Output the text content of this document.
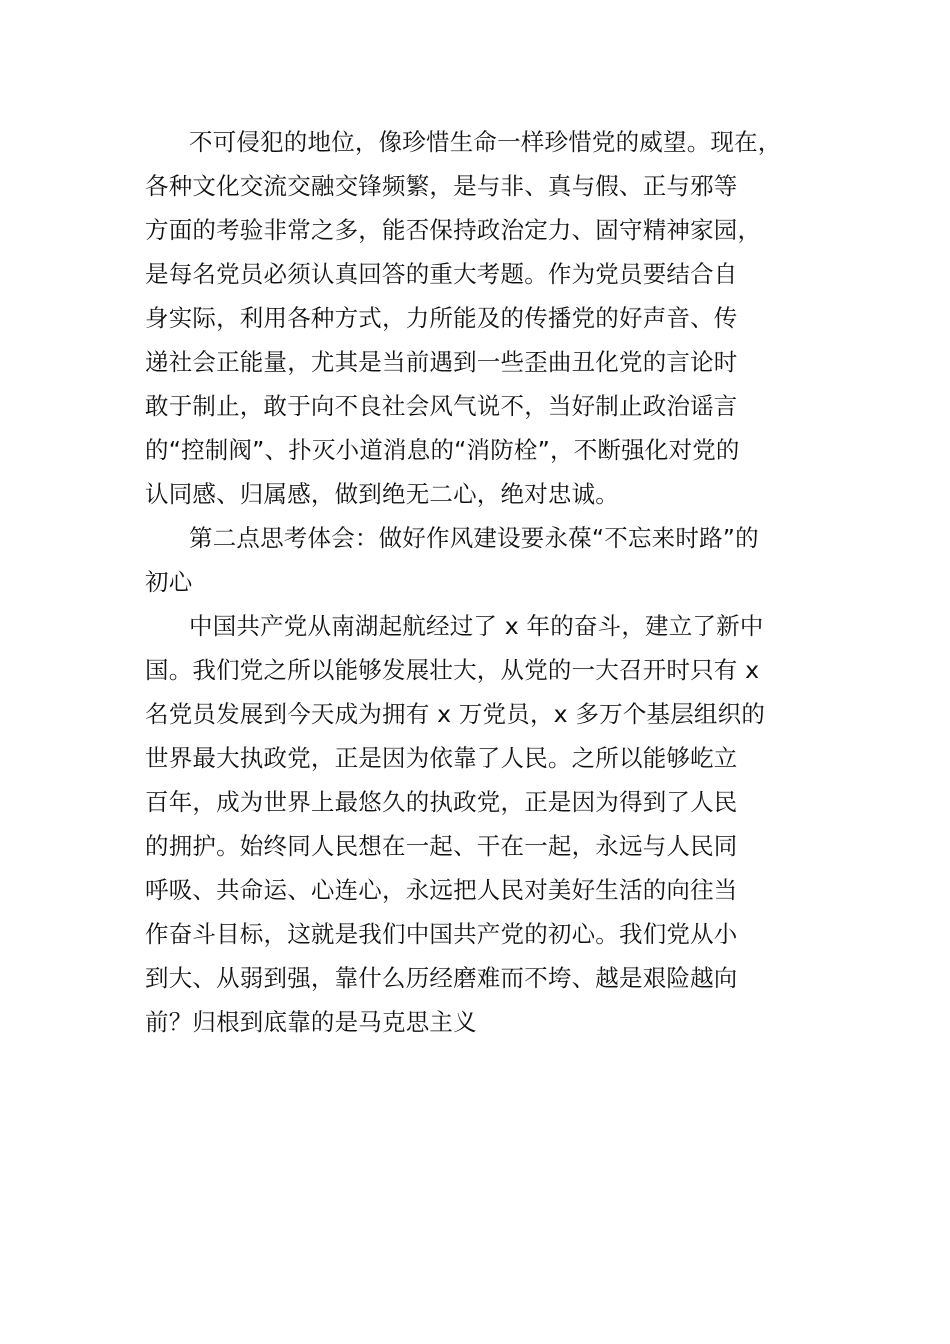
不可侵犯的地位，像珍惜生命一样珍惜党的威望。现在，
各种文化交流交融交锋频繁，是与非、真与假、正与邪等
方面的考验非常之多，能否保持政治定力、固守精神家园，
是每名党员必须认真回答的重大考题。作为党员要结合自
身实际，利用各种方式，力所能及的传播党的好声音、传
递社会正能量，尤其是当前遇到一些歪曲丑化党的言论时
敢于制止，敢于向不良社会风气说不，当好制止政治谣言
的“控制阀”、扑灭小道消息的“消防栓”，不断强化对党的
认同感、归属感，做到绝无二心，绝对忠诚。
第二点思考体会：做好作风建设要永葆“不忘来时路”的
初心
中国共产党从南湖起航经过了 x 年的奋斗，建立了新中
国。我们党之所以能够发展壮大，从党的一大召开时只有 x
名党员发展到今天成为拥有 x 万党员，x 多万个基层组织的
世界最大执政党，正是因为依靠了人民。之所以能够屹立
百年，成为世界上最悠久的执政党，正是因为得到了人民
的拥护。始终同人民想在一起、干在一起，永远与人民同
呼吸、共命运、心连心，永远把人民对美好生活的向往当
作奋斗目标，这就是我们中国共产党的初心。我们党从小
到大、从弱到强，靠什么历经磨难而不垮、越是艰险越向
前？归根到底靠的是马克思主义
